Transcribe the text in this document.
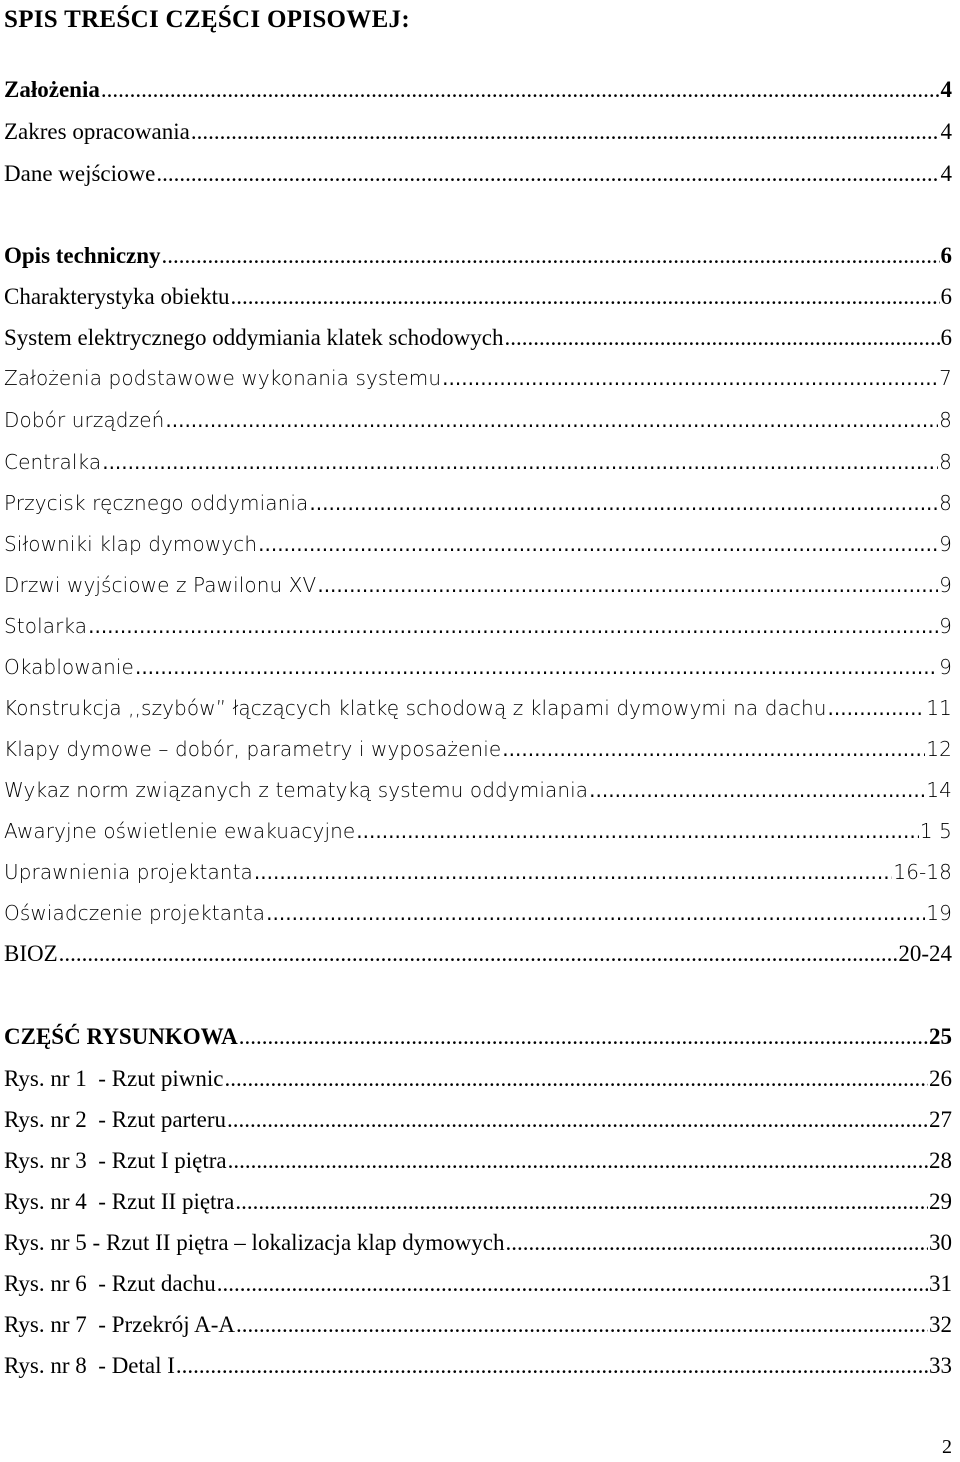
SPIS TREŚCI CZĘŚCI OPISOWEJ:
Założenia .....	4
Zakres opracowania .....	4
Dane wejściowe .....	4
Opis techniczny .....	6
Charakterystyka obiektu .....	6
System elektrycznego oddymiania klatek schodowych .....	6
Założenia podstawowe wykonania systemu .....	7
Dobór urządzeń .....	8
Centralka .....	8
Przycisk ręcznego oddymiania .....	8
Siłowniki klap dymowych .....	9
Drzwi wyjściowe z Pawilonu XV .....	9
Stolarka .....	9
Okablowanie .....	9
Konstrukcja ,,szybów” łączących klatkę schodową z klapami dymowymi na dachu .....	11
Klapy dymowe – dobór, parametry i wyposażenie .....	12
Wykaz norm związanych z tematyką systemu oddymiania .....	14
Awaryjne oświetlenie ewakuacyjne .....	1 5
Uprawnienia projektanta .....	16-18
Oświadczenie projektanta .....	19
BIOZ .....	20-24
CZĘŚĆ RYSUNKOWA .....	25
Rys. nr 1  - Rzut piwnic .....	26
Rys. nr 2  - Rzut parteru .....	27
Rys. nr 3  - Rzut I piętra .....	28
Rys. nr 4  - Rzut II piętra .....	29
Rys. nr 5 - Rzut II piętra – lokalizacja klap dymowych .....	30
Rys. nr 6  - Rzut dachu .....	31
Rys. nr 7  - Przekrój A-A .....	32
Rys. nr 8  - Detal I .....	33
2
